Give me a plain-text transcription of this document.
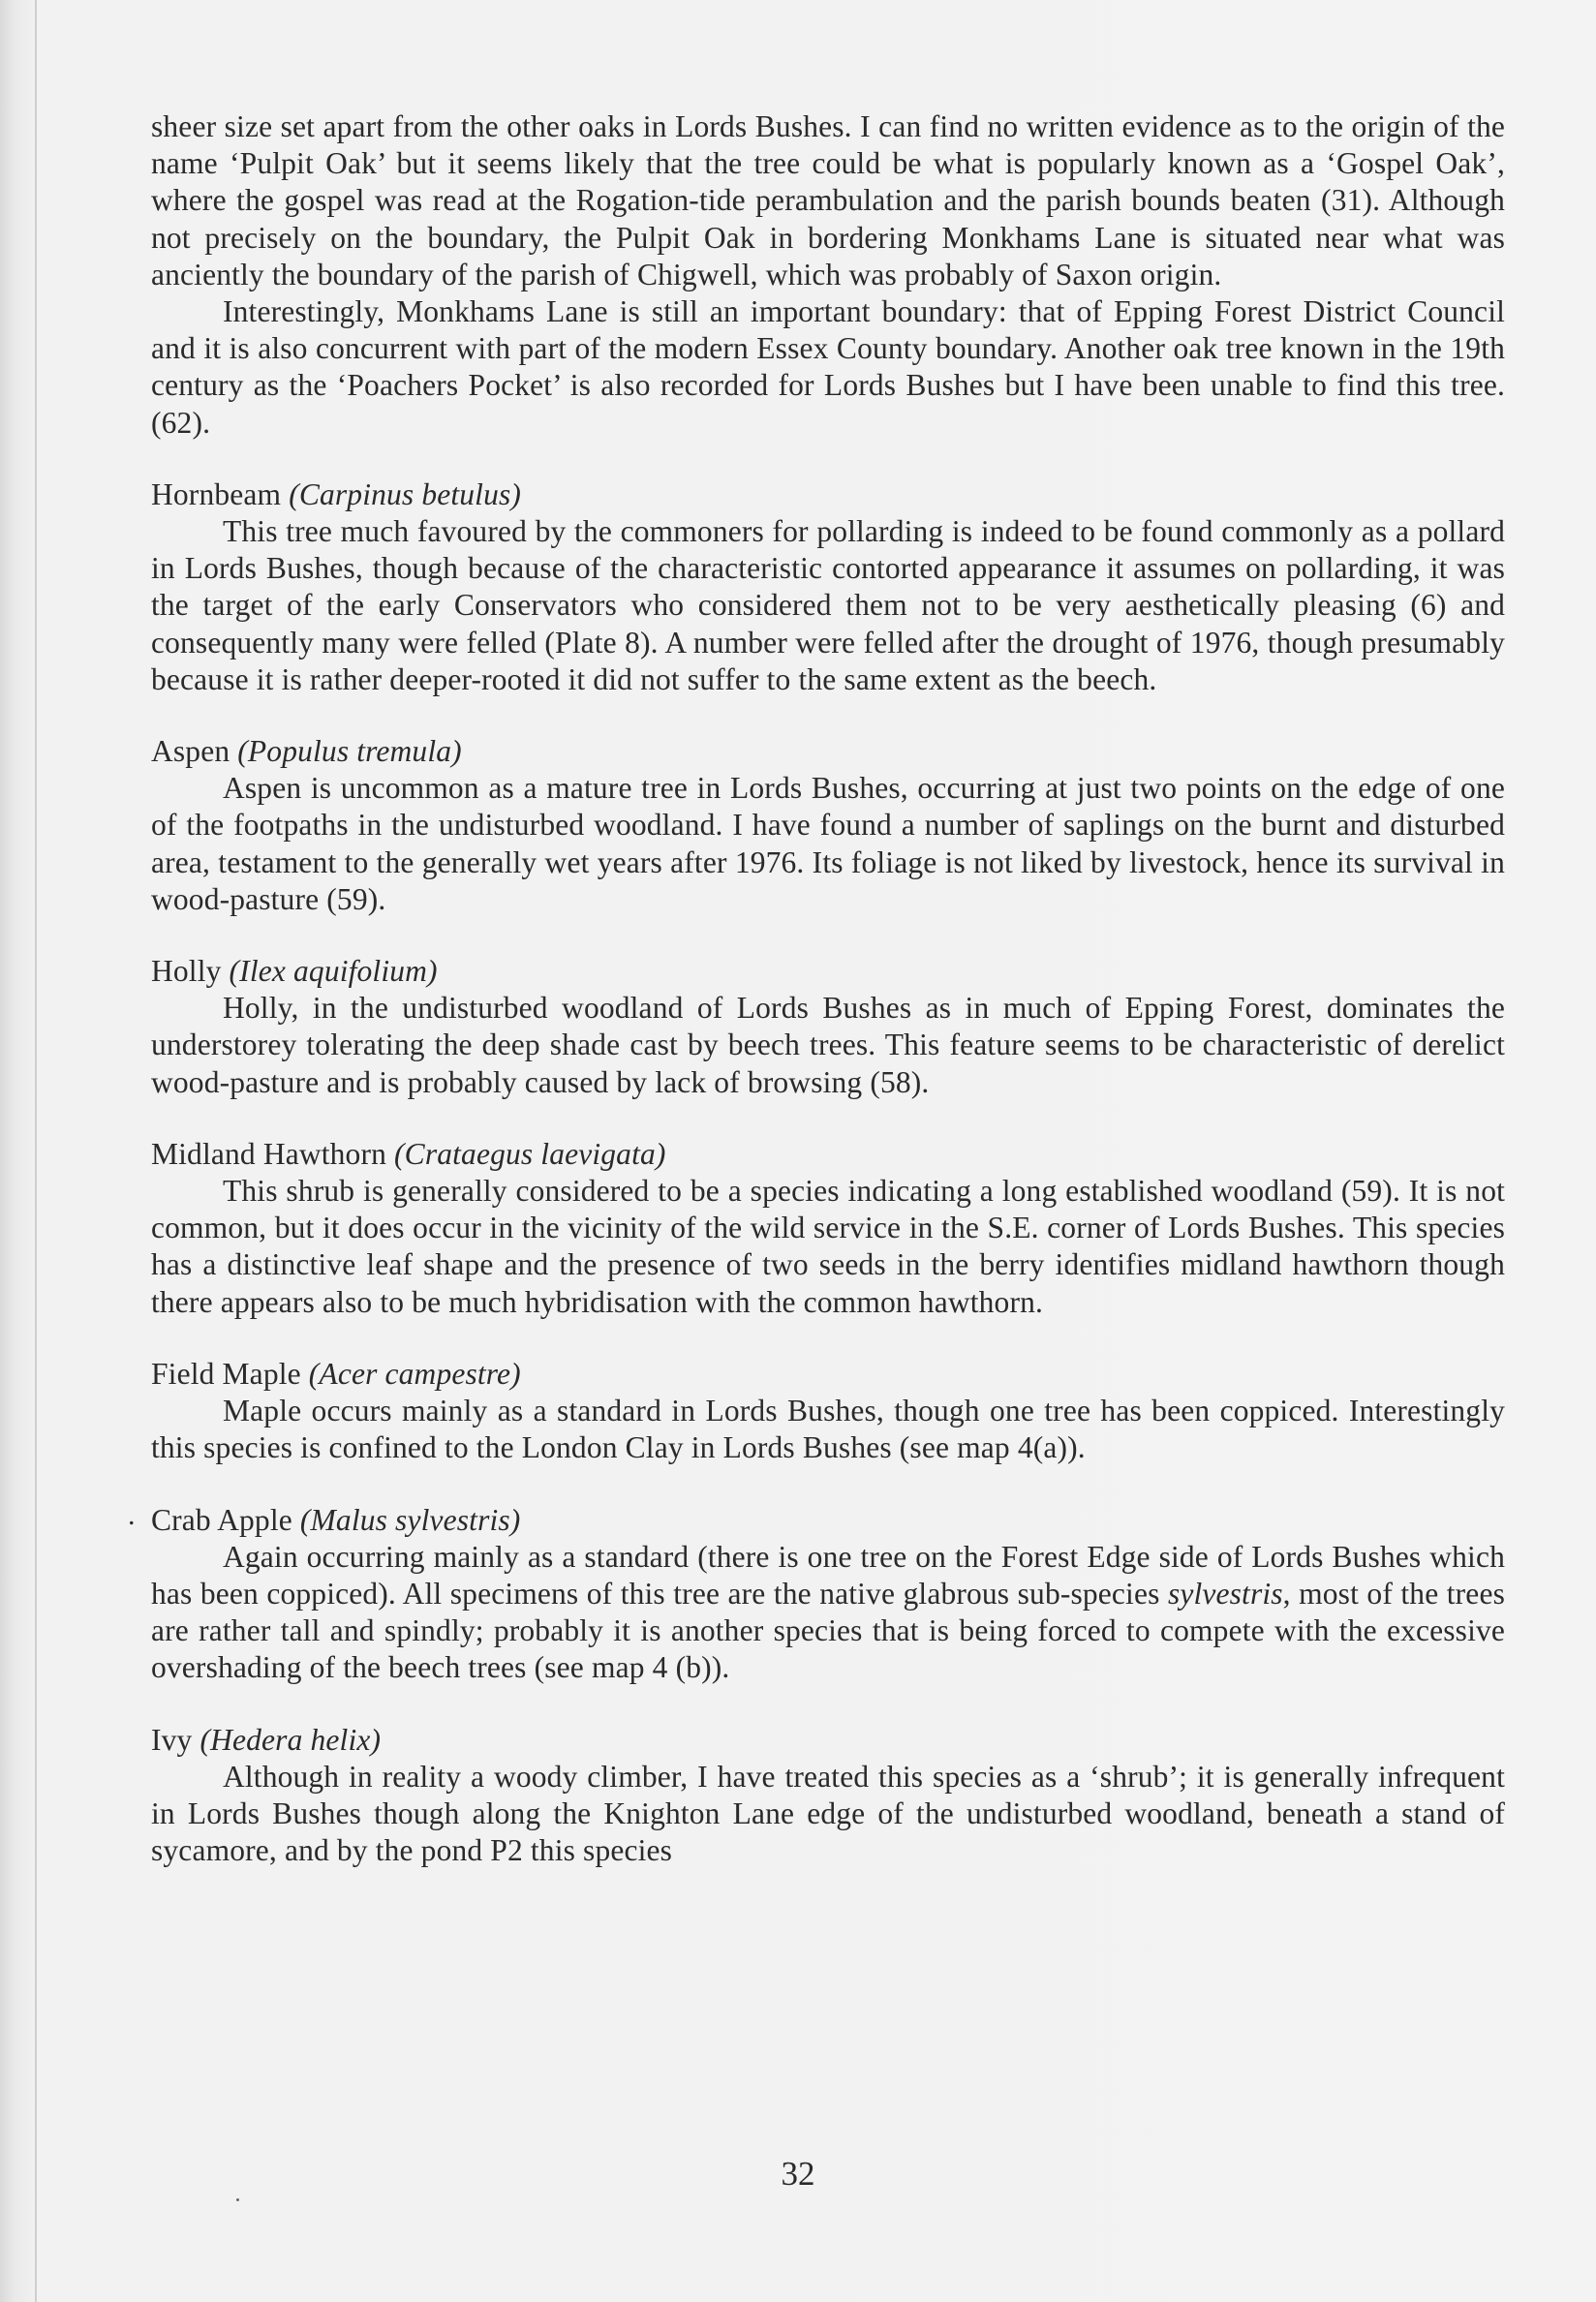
sheer size set apart from the other oaks in Lords Bushes. I can find no written evidence as to the origin of the name ‘Pulpit Oak’ but it seems likely that the tree could be what is popularly known as a ‘Gospel Oak’, where the gospel was read at the Rogation-tide perambulation and the parish bounds beaten (31). Although not precisely on the boundary, the Pulpit Oak in bordering Monkhams Lane is situated near what was anciently the boundary of the parish of Chigwell, which was probably of Saxon origin.

Interestingly, Monkhams Lane is still an important boundary: that of Epping Forest District Council and it is also concurrent with part of the modern Essex County boundary. Another oak tree known in the 19th century as the ‘Poachers Pocket’ is also recorded for Lords Bushes but I have been unable to find this tree. (62).

Hornbeam (Carpinus betulus)

This tree much favoured by the commoners for pollarding is indeed to be found commonly as a pollard in Lords Bushes, though because of the characteristic contorted appearance it assumes on pollarding, it was the target of the early Conservators who considered them not to be very aesthetically pleasing (6) and consequently many were felled (Plate 8). A number were felled after the drought of 1976, though presumably because it is rather deeper-rooted it did not suffer to the same extent as the beech.

Aspen (Populus tremula)

Aspen is uncommon as a mature tree in Lords Bushes, occurring at just two points on the edge of one of the footpaths in the undisturbed woodland. I have found a number of saplings on the burnt and disturbed area, testament to the generally wet years after 1976. Its foliage is not liked by livestock, hence its survival in wood-pasture (59).

Holly (Ilex aquifolium)

Holly, in the undisturbed woodland of Lords Bushes as in much of Epping Forest, dominates the understorey tolerating the deep shade cast by beech trees. This feature seems to be characteristic of derelict wood-pasture and is probably caused by lack of browsing (58).

Midland Hawthorn (Crataegus laevigata)

This shrub is generally considered to be a species indicating a long established woodland (59). It is not common, but it does occur in the vicinity of the wild service in the S.E. corner of Lords Bushes. This species has a distinctive leaf shape and the presence of two seeds in the berry identifies midland hawthorn though there appears also to be much hybridisation with the common hawthorn.

Field Maple (Acer campestre)

Maple occurs mainly as a standard in Lords Bushes, though one tree has been coppiced. Interestingly this species is confined to the London Clay in Lords Bushes (see map 4(a)).

Crab Apple (Malus sylvestris)

Again occurring mainly as a standard (there is one tree on the Forest Edge side of Lords Bushes which has been coppiced). All specimens of this tree are the native glabrous sub-species sylvestris, most of the trees are rather tall and spindly; probably it is another species that is being forced to compete with the excessive overshading of the beech trees (see map 4 (b)).

Ivy (Hedera helix)

Although in reality a woody climber, I have treated this species as a ‘shrub’; it is generally infrequent in Lords Bushes though along the Knighton Lane edge of the undisturbed woodland, beneath a stand of sycamore, and by the pond P2 this species

.
32
